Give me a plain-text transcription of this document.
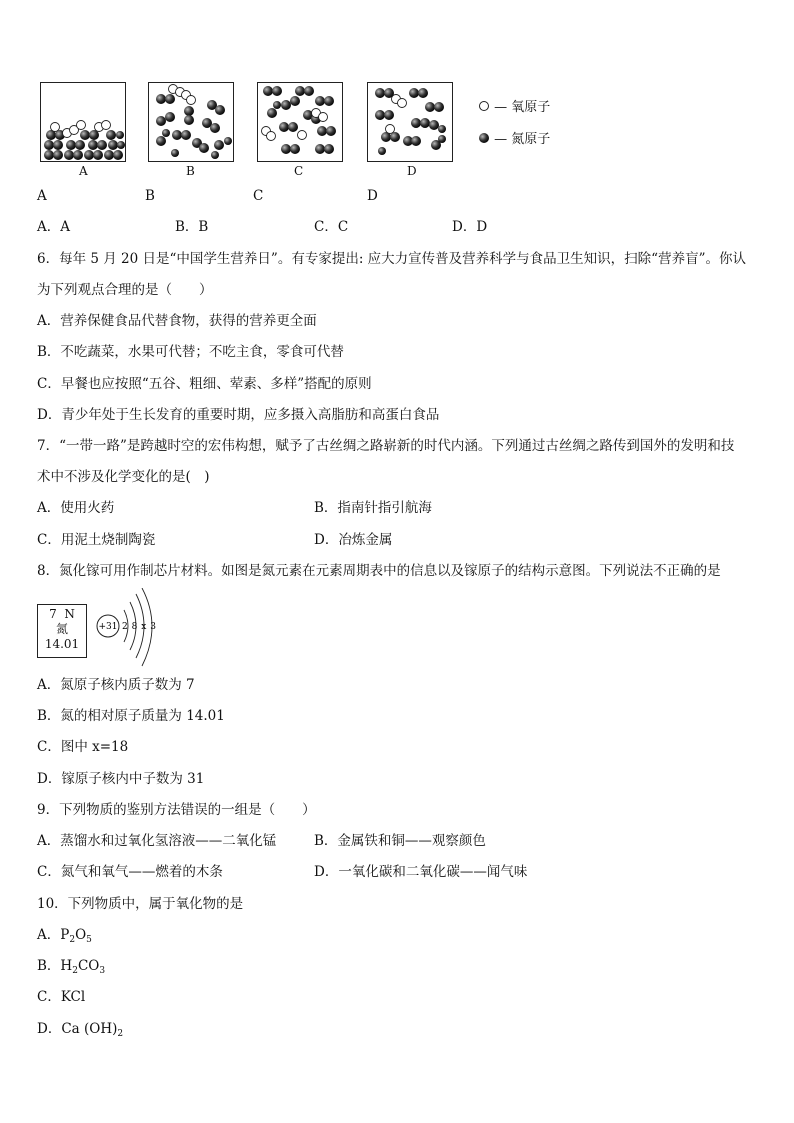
A	B	C	D
— 氧原子
— 氮原子
A	B	C	D
A．A	B．B	C．C	D．D
6．每年 5 月 20 日是“中国学生营养日”。有专家提出: 应大力宣传普及营养科学与食品卫生知识，扫除“营养盲”。你认
为下列观点合理的是（　　）
A．营养保健食品代替食物，获得的营养更全面
B．不吃蔬菜，水果可代替；不吃主食，零食可代替
C．早餐也应按照“五谷、粗细、荤素、多样”搭配的原则
D．青少年处于生长发育的重要时期，应多摄入高脂肪和高蛋白食品
7．“一带一路”是跨越时空的宏伟构想，赋予了古丝绸之路崭新的时代内涵。下列通过古丝绸之路传到国外的发明和技
术中不涉及化学变化的是(　)
A．使用火药	B．指南针指引航海
C．用泥土烧制陶瓷	D．冶炼金属
8．氮化镓可用作制芯片材料。如图是氮元素在元素周期表中的信息以及镓原子的结构示意图。下列说法不正确的是
7 N
氮
14.01
+31 2 8 x 3
A．氮原子核内质子数为 7
B．氮的相对原子质量为 14.01
C．图中 x=18
D．镓原子核内中子数为 31
9．下列物质的鉴别方法错误的一组是（　　）
A．蒸馏水和过氧化氢溶液——二氧化锰	B．金属铁和铜——观察颜色
C．氮气和氧气——燃着的木条	D．一氧化碳和二氧化碳——闻气味
10．下列物质中，属于氧化物的是
A．$P_2O_5$
B．$H_2CO_3$
C．KCl
D．Ca $(OH)_2$
